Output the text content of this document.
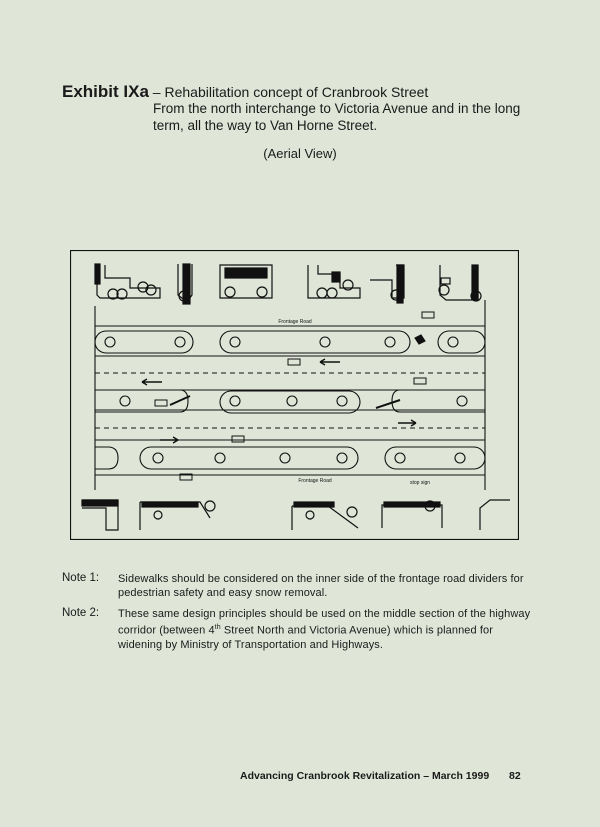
Exhibit IXa – Rehabilitation concept of Cranbrook Street
From the north interchange to Victoria Avenue and in the long
term, all the way to Van Horne Street.
(Aerial View)
Frontage Road
Frontage Road	stop sign
Note 1: Sidewalks should be considered on the inner side of the frontage road dividers for pedestrian safety and easy snow removal.
Note 2: These same design principles should be used on the middle section of the highway corridor (between 4th Street North and Victoria Avenue) which is planned for widening by Ministry of Transportation and Highways.
Advancing Cranbrook Revitalization – March 1999 82
